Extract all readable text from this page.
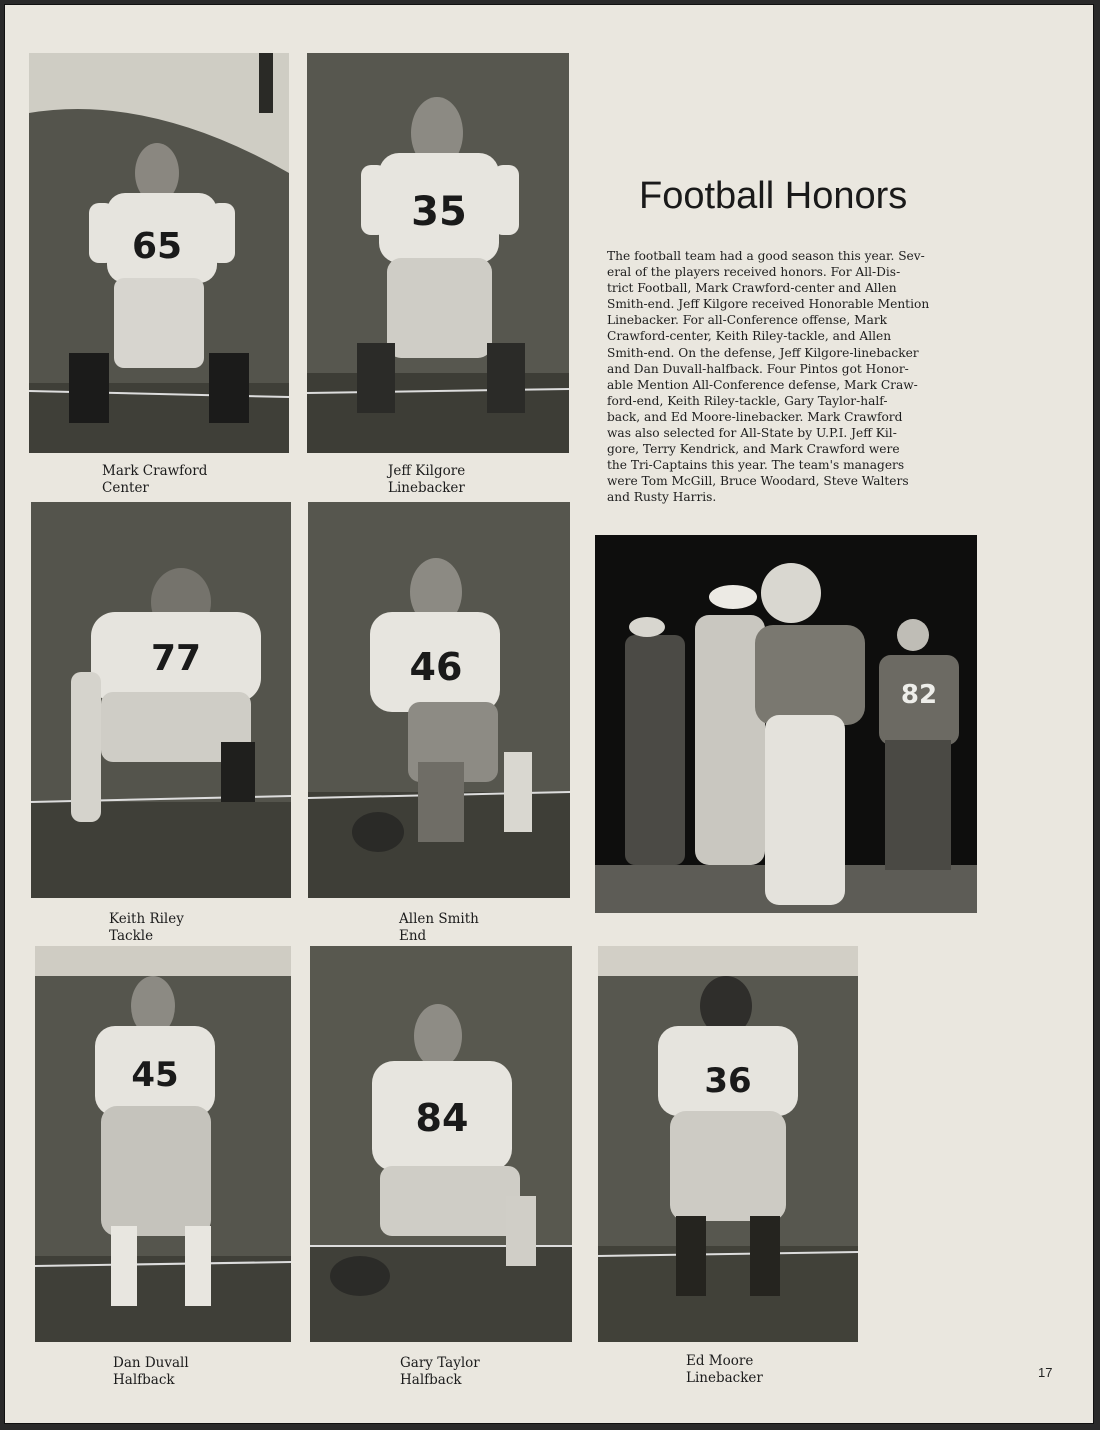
65
Mark Crawford
Center
35
Jeff Kilgore
Linebacker
Football Honors
The football team had a good season this year. Sev-
eral of the players received honors. For All-Dis-
trict Football, Mark Crawford-center and Allen
Smith-end. Jeff Kilgore received Honorable Mention
Linebacker. For all-Conference offense, Mark
Crawford-center, Keith Riley-tackle, and Allen
Smith-end. On the defense, Jeff Kilgore-linebacker
and Dan Duvall-halfback. Four Pintos got Honor-
able Mention All-Conference defense, Mark Craw-
ford-end, Keith Riley-tackle, Gary Taylor-half-
back, and Ed Moore-linebacker. Mark Crawford
was also selected for All-State by U.P.I. Jeff Kil-
gore, Terry Kendrick, and Mark Crawford were
the Tri-Captains this year. The team's managers
were Tom McGill, Bruce Woodard, Steve Walters
and Rusty Harris.
77
Keith Riley
Tackle
46
Allen Smith
End
82
45
Dan Duvall
Halfback
84
Gary Taylor
Halfback
36
Ed Moore
Linebacker	17
